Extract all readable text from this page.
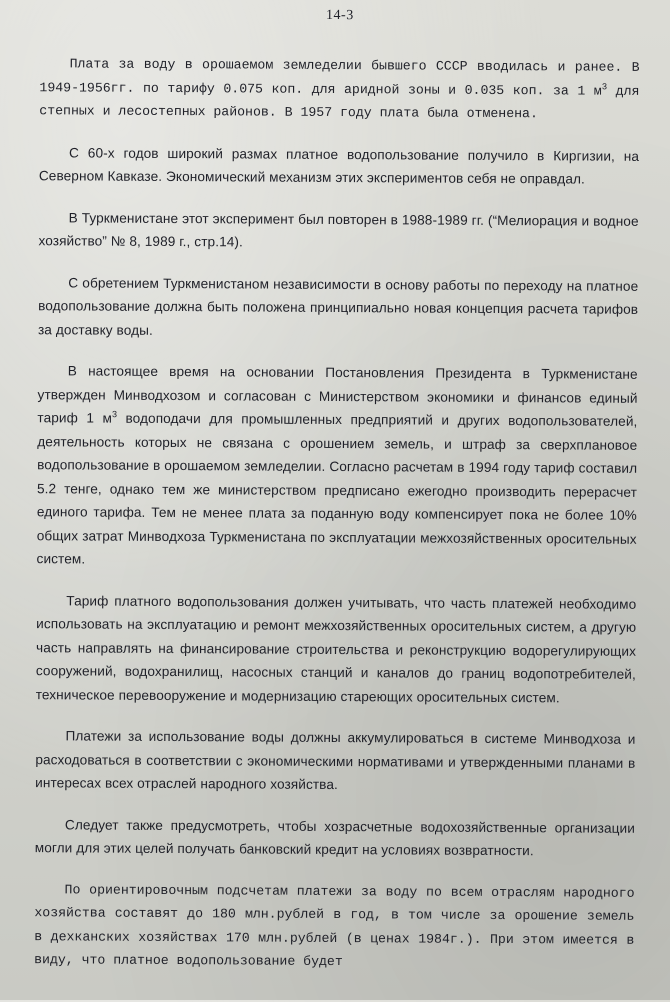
14-3

Плата за воду в орошаемом земледелии бывшего СССР вводилась и ранее. В 1949-1956гг. по тарифу 0.075 коп. для аридной зоны и 0.035 коп. за 1 $м^3$ для степных и лесостепных районов. В 1957 году плата была отменена.

С 60-х годов широкий размах платное водопользование получило в Киргизии, на Северном Кавказе. Экономический механизм этих экспериментов себя не оправдал.

В Туркменистане этот эксперимент был повторен в 1988-1989 гг. (“Мелиорация и водное хозяйство” № 8, 1989 г., стр.14).

С обретением Туркменистаном независимости в основу работы по переходу на платное водопользование должна быть положена принципиально новая концепция расчета тарифов за доставку воды.

В настоящее время на основании Постановления Президента в Туркменистане утвержден Минводхозом и согласован с Министерством экономики и финансов единый тариф 1 $м^3$ водоподачи для промышленных предприятий и других водопользователей, деятельность которых не связана с орошением земель, и штраф за сверхплановое водопользование в орошаемом земледелии. Согласно расчетам в 1994 году тариф составил 5.2 тенге, однако тем же министерством предписано ежегодно производить перерасчет единого тарифа. Тем не менее плата за поданную воду компенсирует пока не более 10% общих затрат Минводхоза Туркменистана по эксплуатации межхозяйственных оросительных систем.

Тариф платного водопользования должен учитывать, что часть платежей необходимо использовать на эксплуатацию и ремонт межхозяйственных оросительных систем, а другую часть направлять на финансирование строительства и реконструкцию водорегулирующих сооружений, водохранилищ, насосных станций и каналов до границ водопотребителей, техническое перевооружение и модернизацию стареющих оросительных систем.

Платежи за использование воды должны аккумулироваться в системе Минводхоза и расходоваться в соответствии с экономическими нормативами и утвержденными планами в интересах всех отраслей народного хозяйства.

Следует также предусмотреть, чтобы хозрасчетные водохозяйственные организации могли для этих целей получать банковский кредит на условиях возвратности.

По ориентировочным подсчетам платежи за воду по всем отраслям народного хозяйства составят до 180 млн.рублей в год, в том числе за орошение земель в дехканских хозяйствах 170 млн.рублей (в ценах 1984г.). При этом имеется в виду, что платное водопользование будет
